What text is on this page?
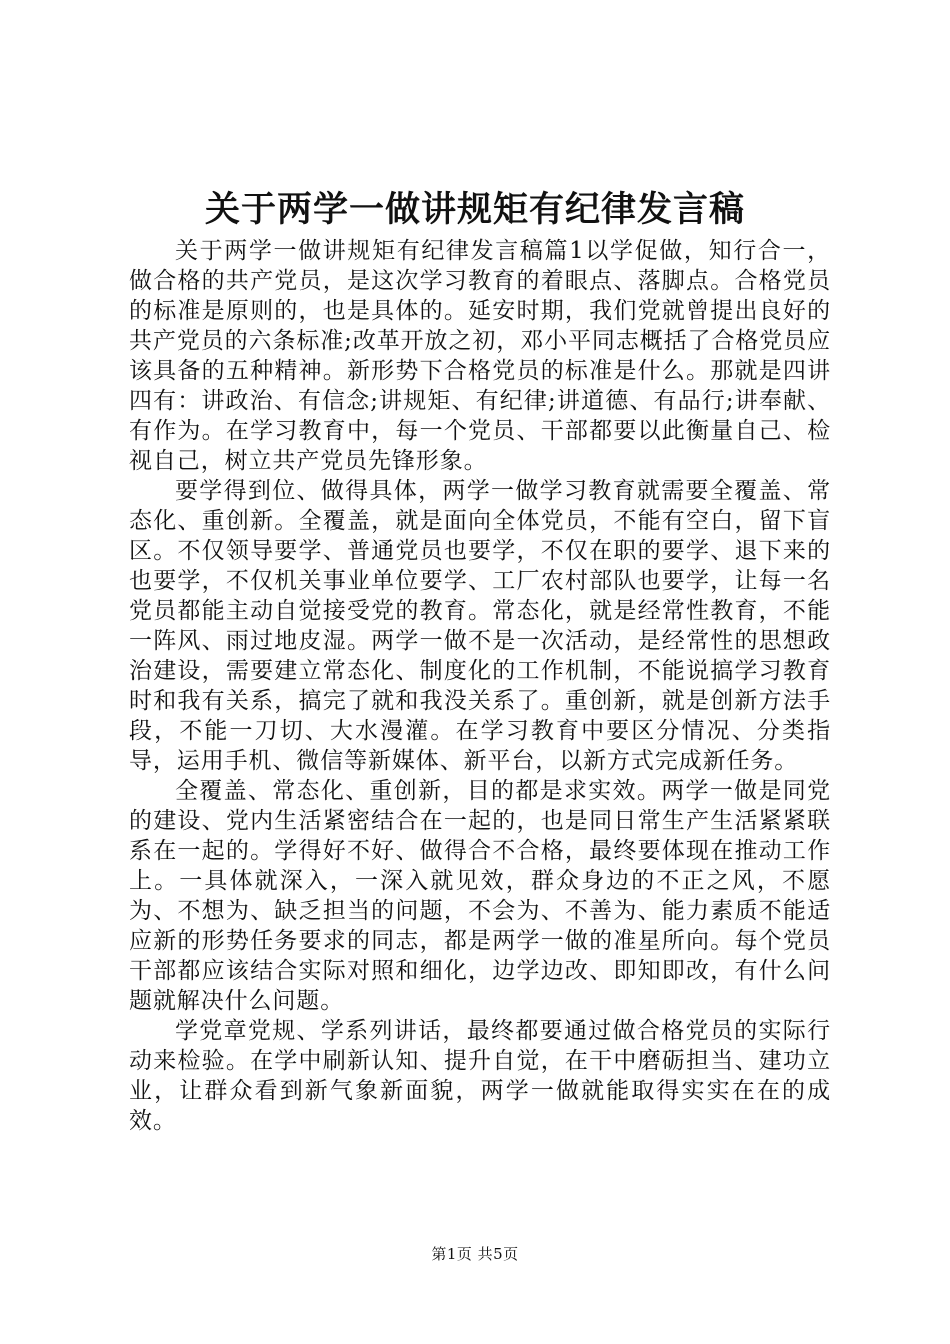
关于两学一做讲规矩有纪律发言稿

关于两学一做讲规矩有纪律发言稿篇1以学促做，知行合一，做合格的共产党员，是这次学习教育的着眼点、落脚点。合格党员的标准是原则的，也是具体的。延安时期，我们党就曾提出良好的共产党员的六条标准;改革开放之初，邓小平同志概括了合格党员应该具备的五种精神。新形势下合格党员的标准是什么。那就是四讲四有：讲政治、有信念;讲规矩、有纪律;讲道德、有品行;讲奉献、有作为。在学习教育中，每一个党员、干部都要以此衡量自己、检视自己，树立共产党员先锋形象。

要学得到位、做得具体，两学一做学习教育就需要全覆盖、常态化、重创新。全覆盖，就是面向全体党员，不能有空白，留下盲区。不仅领导要学、普通党员也要学，不仅在职的要学、退下来的也要学，不仅机关事业单位要学、工厂农村部队也要学，让每一名党员都能主动自觉接受党的教育。常态化，就是经常性教育，不能一阵风、雨过地皮湿。两学一做不是一次活动，是经常性的思想政治建设，需要建立常态化、制度化的工作机制，不能说搞学习教育时和我有关系，搞完了就和我没关系了。重创新，就是创新方法手段，不能一刀切、大水漫灌。在学习教育中要区分情况、分类指导，运用手机、微信等新媒体、新平台，以新方式完成新任务。

全覆盖、常态化、重创新，目的都是求实效。两学一做是同党的建设、党内生活紧密结合在一起的，也是同日常生产生活紧紧联系在一起的。学得好不好、做得合不合格，最终要体现在推动工作上。一具体就深入，一深入就见效，群众身边的不正之风，不愿为、不想为、缺乏担当的问题，不会为、不善为、能力素质不能适应新的形势任务要求的同志，都是两学一做的准星所向。每个党员干部都应该结合实际对照和细化，边学边改、即知即改，有什么问题就解决什么问题。

学党章党规、学系列讲话，最终都要通过做合格党员的实际行动来检验。在学中刷新认知、提升自觉，在干中磨砺担当、建功立业，让群众看到新气象新面貌，两学一做就能取得实实在在的成效。

第1页 共5页
